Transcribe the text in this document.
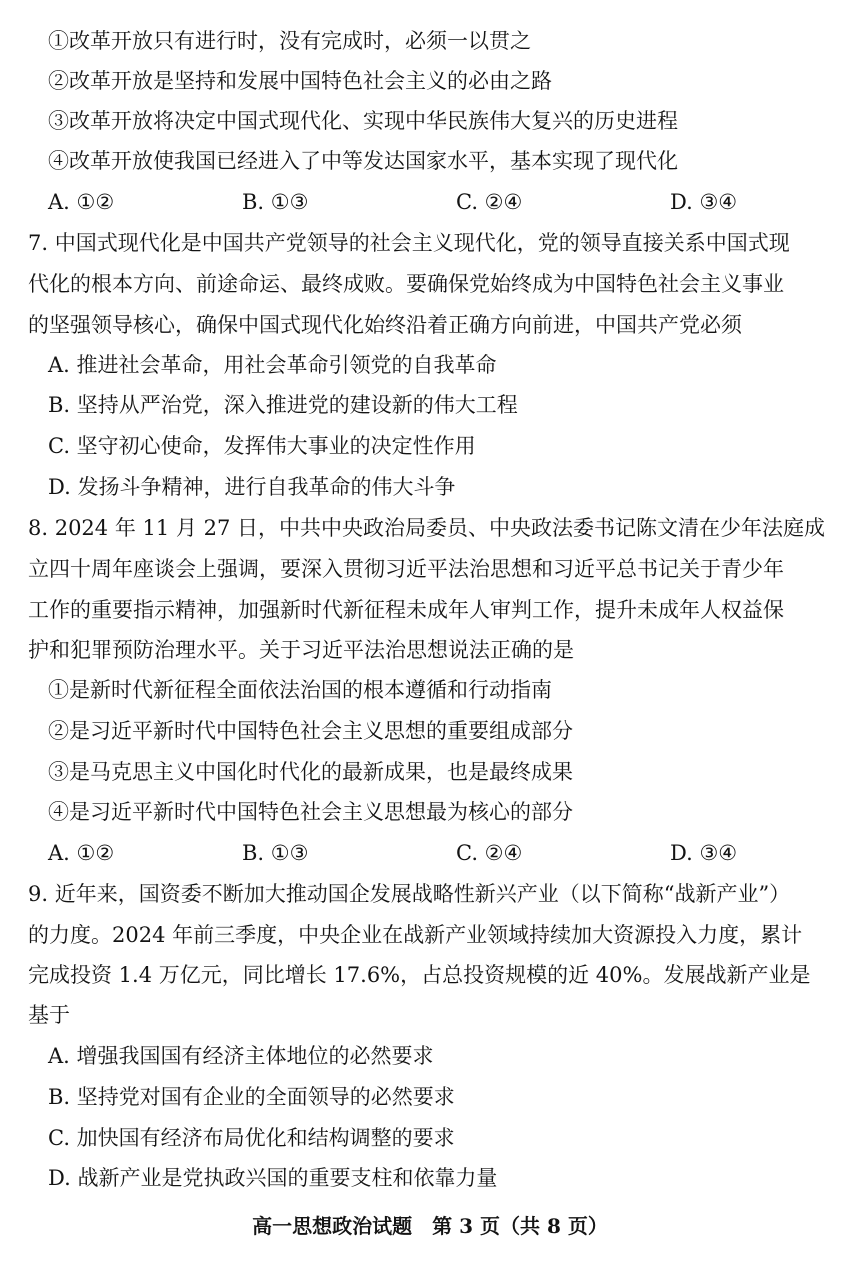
①改革开放只有进行时，没有完成时，必须一以贯之
②改革开放是坚持和发展中国特色社会主义的必由之路
③改革开放将决定中国式现代化、实现中华民族伟大复兴的历史进程
④改革开放使我国已经进入了中等发达国家水平，基本实现了现代化
A. ①②	B. ①③	C. ②④	D. ③④
7. 中国式现代化是中国共产党领导的社会主义现代化，党的领导直接关系中国式现
代化的根本方向、前途命运、最终成败。要确保党始终成为中国特色社会主义事业
的坚强领导核心，确保中国式现代化始终沿着正确方向前进，中国共产党必须
A. 推进社会革命，用社会革命引领党的自我革命
B. 坚持从严治党，深入推进党的建设新的伟大工程
C. 坚守初心使命，发挥伟大事业的决定性作用
D. 发扬斗争精神，进行自我革命的伟大斗争
8. 2024 年 11 月 27 日，中共中央政治局委员、中央政法委书记陈文清在少年法庭成
立四十周年座谈会上强调，要深入贯彻习近平法治思想和习近平总书记关于青少年
工作的重要指示精神，加强新时代新征程未成年人审判工作，提升未成年人权益保
护和犯罪预防治理水平。关于习近平法治思想说法正确的是
①是新时代新征程全面依法治国的根本遵循和行动指南
②是习近平新时代中国特色社会主义思想的重要组成部分
③是马克思主义中国化时代化的最新成果，也是最终成果
④是习近平新时代中国特色社会主义思想最为核心的部分
A. ①②	B. ①③	C. ②④	D. ③④
9. 近年来，国资委不断加大推动国企发展战略性新兴产业（以下简称“战新产业”）
的力度。2024 年前三季度，中央企业在战新产业领域持续加大资源投入力度，累计
完成投资 1.4 万亿元，同比增长 17.6%，占总投资规模的近 40%。发展战新产业是
基于
A. 增强我国国有经济主体地位的必然要求
B. 坚持党对国有企业的全面领导的必然要求
C. 加快国有经济布局优化和结构调整的要求
D. 战新产业是党执政兴国的重要支柱和依靠力量
高一思想政治试题　第 3 页（共 8 页）
